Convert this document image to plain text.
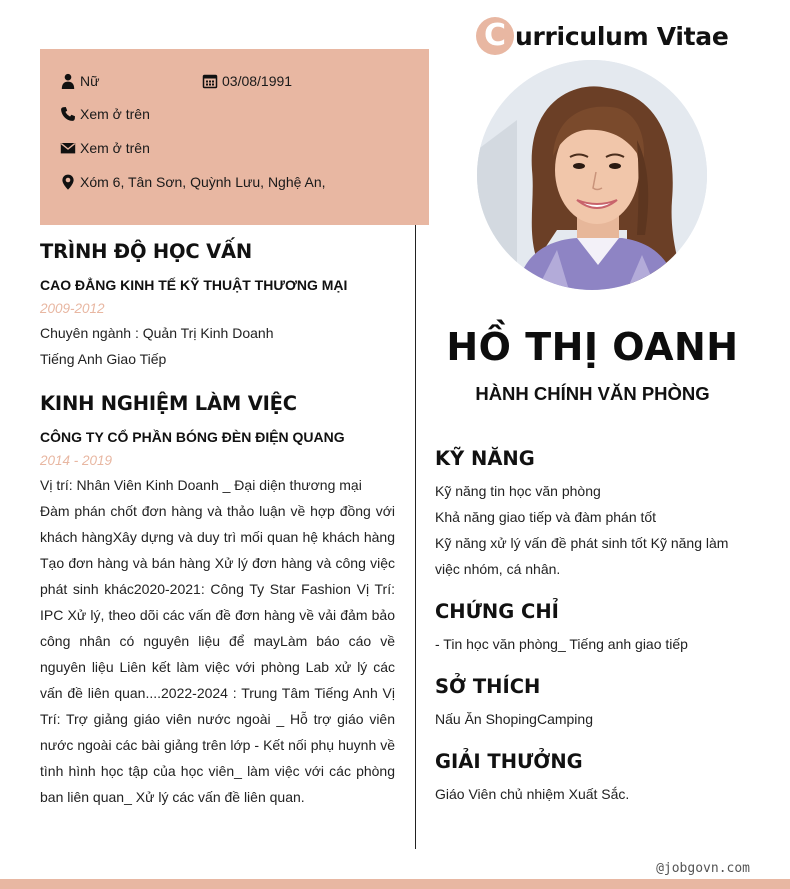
Nữ	03/08/1991
Xem ở trên
Xem ở trên
Xóm 6, Tân Sơn, Quỳnh Lưu, Nghệ An,
TRÌNH ĐỘ HỌC VẤN
CAO ĐẲNG KINH TẾ KỸ THUẬT THƯƠNG MẠI
2009-2012
Chuyên ngành : Quản Trị Kinh Doanh
Tiếng Anh Giao Tiếp
KINH NGHIỆM LÀM VIỆC
CÔNG TY CỔ PHẦN BÓNG ĐÈN ĐIỆN QUANG
2014 - 2019
Vị trí: Nhân Viên Kinh Doanh _ Đại diện thương mại
Đàm phán chốt đơn hàng và thảo luận về hợp đồng với khách hàngXây dựng và duy trì mối quan hệ khách hàng Tạo đơn hàng và bán hàng Xử lý đơn hàng và công việc phát sinh khác2020-2021: Công Ty Star Fashion Vị Trí: IPC Xử lý, theo dõi các vấn đề đơn hàng về vải đảm bảo công nhân có nguyên liệu để mayLàm báo cáo về nguyên liệu Liên kết làm việc với phòng Lab xử lý các vấn đề liên quan....2022-2024 : Trung Tâm Tiếng Anh Vị Trí: Trợ giảng giáo viên nước ngoài _ Hỗ trợ giáo viên nước ngoài các bài giảng trên lớp - Kết nối phụ huynh về tình hình học tập của học viên_ làm việc với các phòng ban liên quan_ Xử lý các vấn đề liên quan.
C urriculum Vitae
HỒ THỊ OANH
HÀNH CHÍNH VĂN PHÒNG
KỸ NĂNG
Kỹ năng tin học văn phòng
Khả năng giao tiếp và đàm phán tốt
Kỹ năng xử lý vấn đề phát sinh tốt Kỹ năng làm việc nhóm, cá nhân.
CHỨNG CHỈ
- Tin học văn phòng_ Tiếng anh giao tiếp
SỞ THÍCH
Nấu Ăn ShopingCamping
GIẢI THƯỞNG
Giáo Viên chủ nhiệm Xuất Sắc.
@jobgovn.com
